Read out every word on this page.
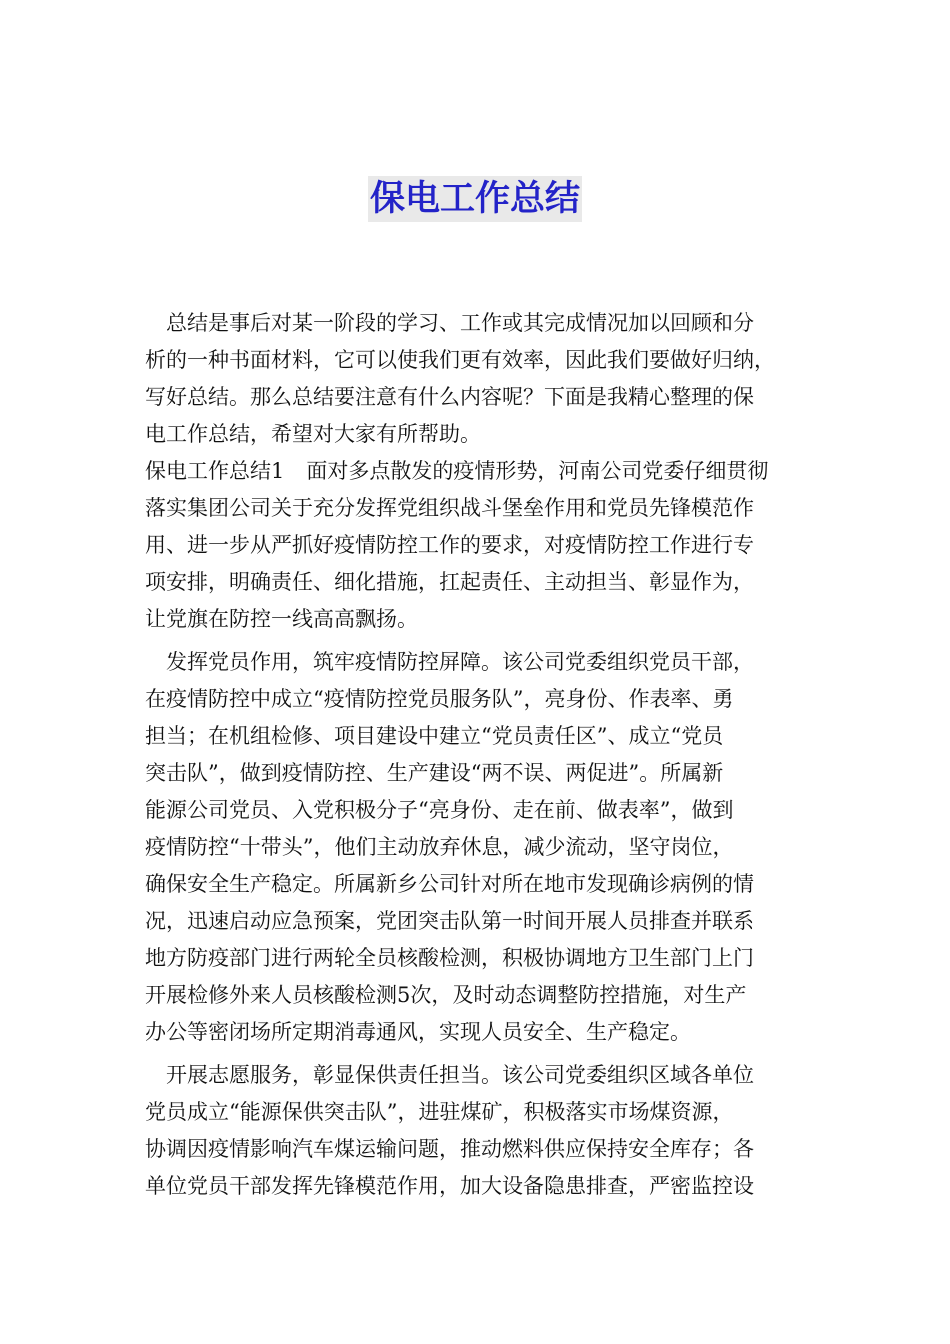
保电工作总结
总结是事后对某一阶段的学习、工作或其完成情况加以回顾和分
析的一种书面材料，它可以使我们更有效率，因此我们要做好归纳，
写好总结。那么总结要注意有什么内容呢？下面是我精心整理的保
电工作总结，希望对大家有所帮助。
保电工作总结1 面对多点散发的疫情形势，河南公司党委仔细贯彻
落实集团公司关于充分发挥党组织战斗堡垒作用和党员先锋模范作
用、进一步从严抓好疫情防控工作的要求，对疫情防控工作进行专
项安排，明确责任、细化措施，扛起责任、主动担当、彰显作为，
让党旗在防控一线高高飘扬。
发挥党员作用，筑牢疫情防控屏障。该公司党委组织党员干部，
在疫情防控中成立“疫情防控党员服务队”，亮身份、作表率、勇
担当；在机组检修、项目建设中建立“党员责任区”、成立“党员
突击队”，做到疫情防控、生产建设“两不误、两促进”。所属新
能源公司党员、入党积极分子“亮身份、走在前、做表率”，做到
疫情防控“十带头”，他们主动放弃休息，减少流动，坚守岗位，
确保安全生产稳定。所属新乡公司针对所在地市发现确诊病例的情
况，迅速启动应急预案，党团突击队第一时间开展人员排查并联系
地方防疫部门进行两轮全员核酸检测，积极协调地方卫生部门上门
开展检修外来人员核酸检测5次，及时动态调整防控措施，对生产
办公等密闭场所定期消毒通风，实现人员安全、生产稳定。
开展志愿服务，彰显保供责任担当。该公司党委组织区域各单位
党员成立“能源保供突击队”，进驻煤矿，积极落实市场煤资源，
协调因疫情影响汽车煤运输问题，推动燃料供应保持安全库存；各
单位党员干部发挥先锋模范作用，加大设备隐患排查，严密监控设
